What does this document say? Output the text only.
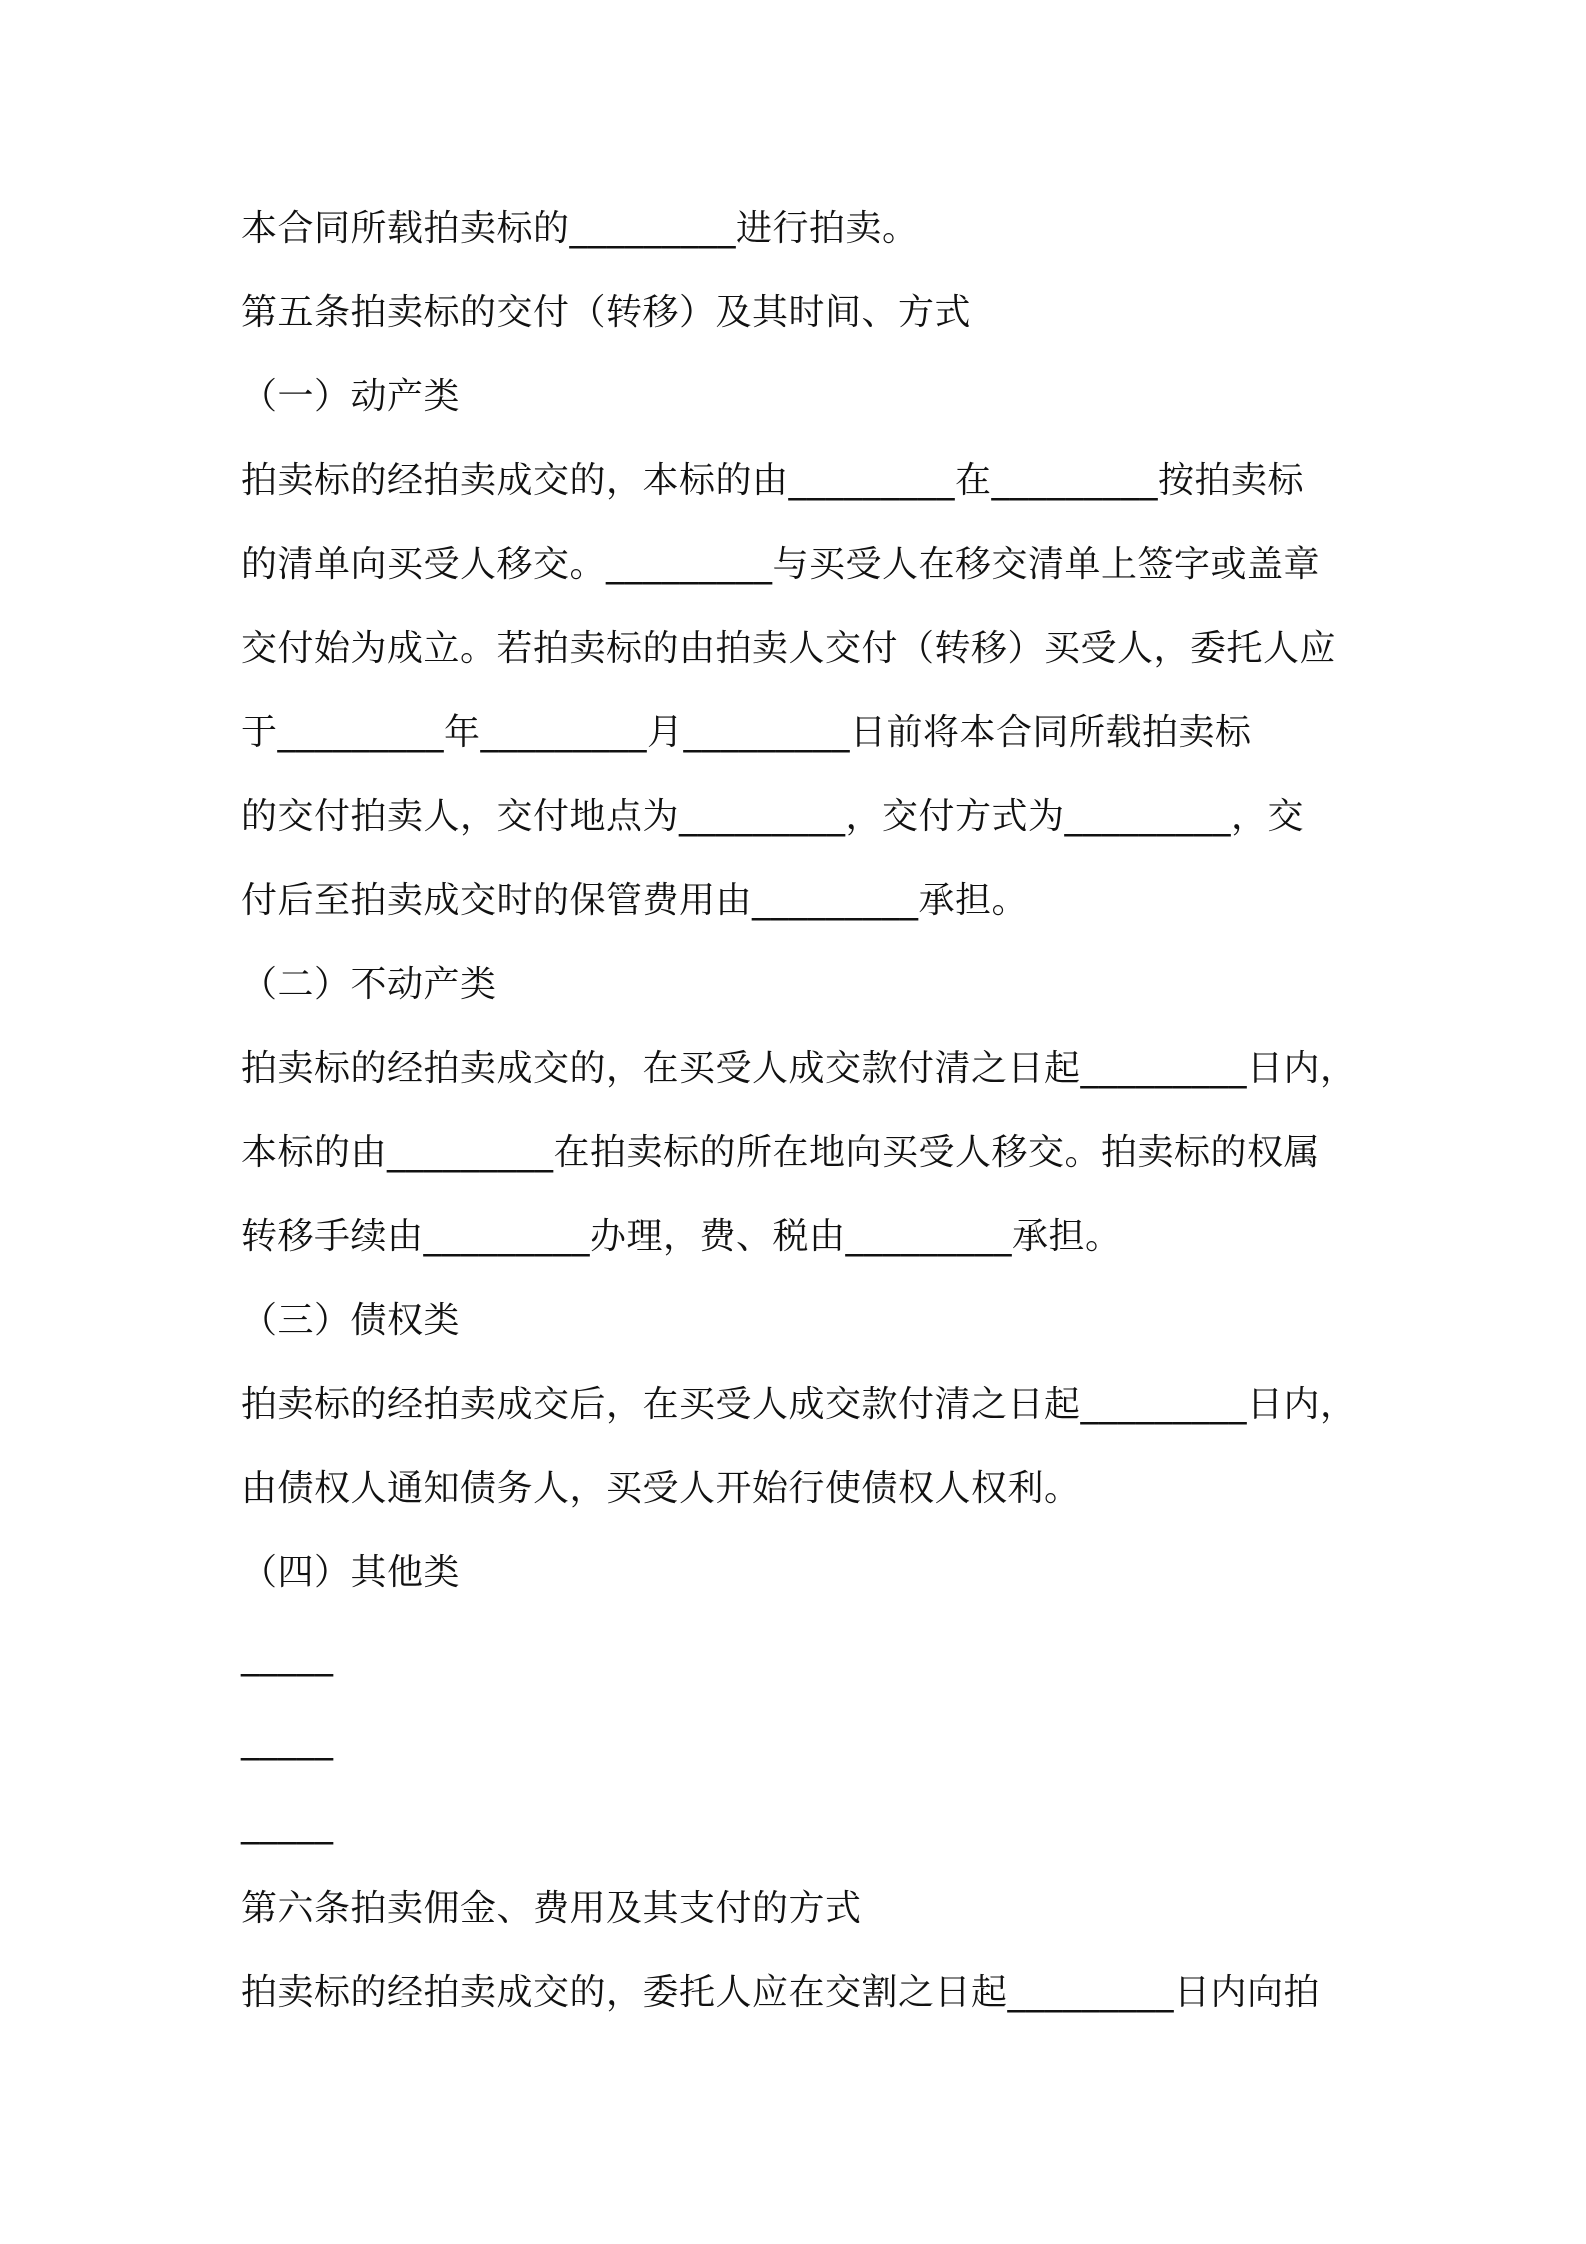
本合同所载拍卖标的_________进行拍卖。
第五条拍卖标的交付（转移）及其时间、方式
（一）动产类
拍卖标的经拍卖成交的，本标的由_________在_________按拍卖标
的清单向买受人移交。_________与买受人在移交清单上签字或盖章
交付始为成立。若拍卖标的由拍卖人交付（转移）买受人，委托人应
于_________年_________月_________日前将本合同所载拍卖标
的交付拍卖人，交付地点为_________，交付方式为_________，交
付后至拍卖成交时的保管费用由_________承担。
（二）不动产类
拍卖标的经拍卖成交的，在买受人成交款付清之日起_________日内，
本标的由_________在拍卖标的所在地向买受人移交。拍卖标的权属
转移手续由_________办理，费、税由_________承担。
（三）债权类
拍卖标的经拍卖成交后，在买受人成交款付清之日起_________日内，
由债权人通知债务人，买受人开始行使债权人权利。
（四）其他类
_____
_____
_____
第六条拍卖佣金、费用及其支付的方式
拍卖标的经拍卖成交的，委托人应在交割之日起_________日内向拍
